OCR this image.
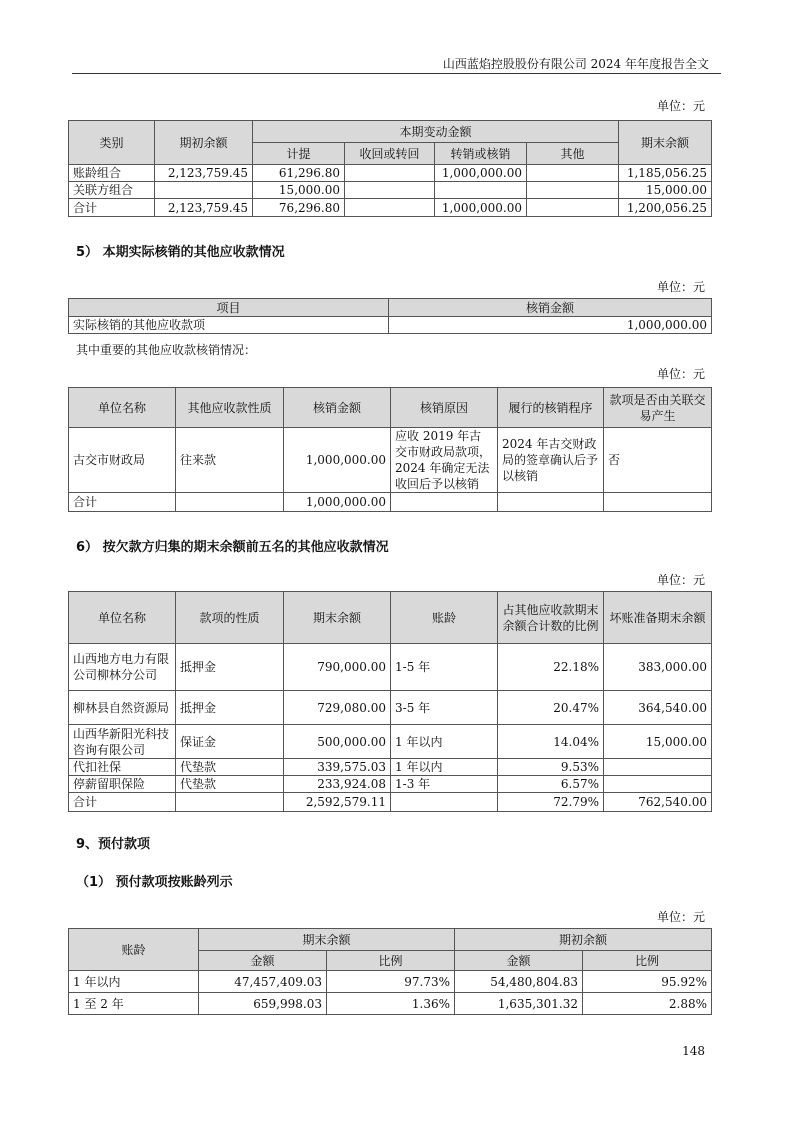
山西蓝焰控股股份有限公司 2024 年年度报告全文
单位：元
类别	期初余额	本期变动金额				期末余额
		计提	收回或转回	转销或核销	其他	
账龄组合	2,123,759.45	61,296.80		1,000,000.00		1,185,056.25
关联方组合		15,000.00				15,000.00
合计	2,123,759.45	76,296.80		1,000,000.00		1,200,056.25
5） 本期实际核销的其他应收款情况
单位：元
项目	核销金额
实际核销的其他应收款项	1,000,000.00
其中重要的其他应收款核销情况：
单位：元
单位名称	其他应收款性质	核销金额	核销原因	履行的核销程序	款项是否由关联交易产生
古交市财政局	往来款	1,000,000.00	应收 2019 年古交市财政局款项，2024 年确定无法收回后予以核销	2024 年古交财政局的签章确认后予以核销	否
合计		1,000,000.00			
6） 按欠款方归集的期末余额前五名的其他应收款情况
单位：元
单位名称	款项的性质	期末余额	账龄	占其他应收款期末余额合计数的比例	坏账准备期末余额
山西地方电力有限公司柳林分公司	抵押金	790,000.00	1-5 年	22.18%	383,000.00
柳林县自然资源局	抵押金	729,080.00	3-5 年	20.47%	364,540.00
山西华新阳光科技咨询有限公司	保证金	500,000.00	1 年以内	14.04%	15,000.00
代扣社保	代垫款	339,575.03	1 年以内	9.53%	
停薪留职保险	代垫款	233,924.08	1-3 年	6.57%	
合计		2,592,579.11		72.79%	762,540.00
9、预付款项
（1） 预付款项按账龄列示
单位：元
账龄	期末余额		期初余额	
	金额	比例	金额	比例
1 年以内	47,457,409.03	97.73%	54,480,804.83	95.92%
1 至 2 年	659,998.03	1.36%	1,635,301.32	2.88%
148
